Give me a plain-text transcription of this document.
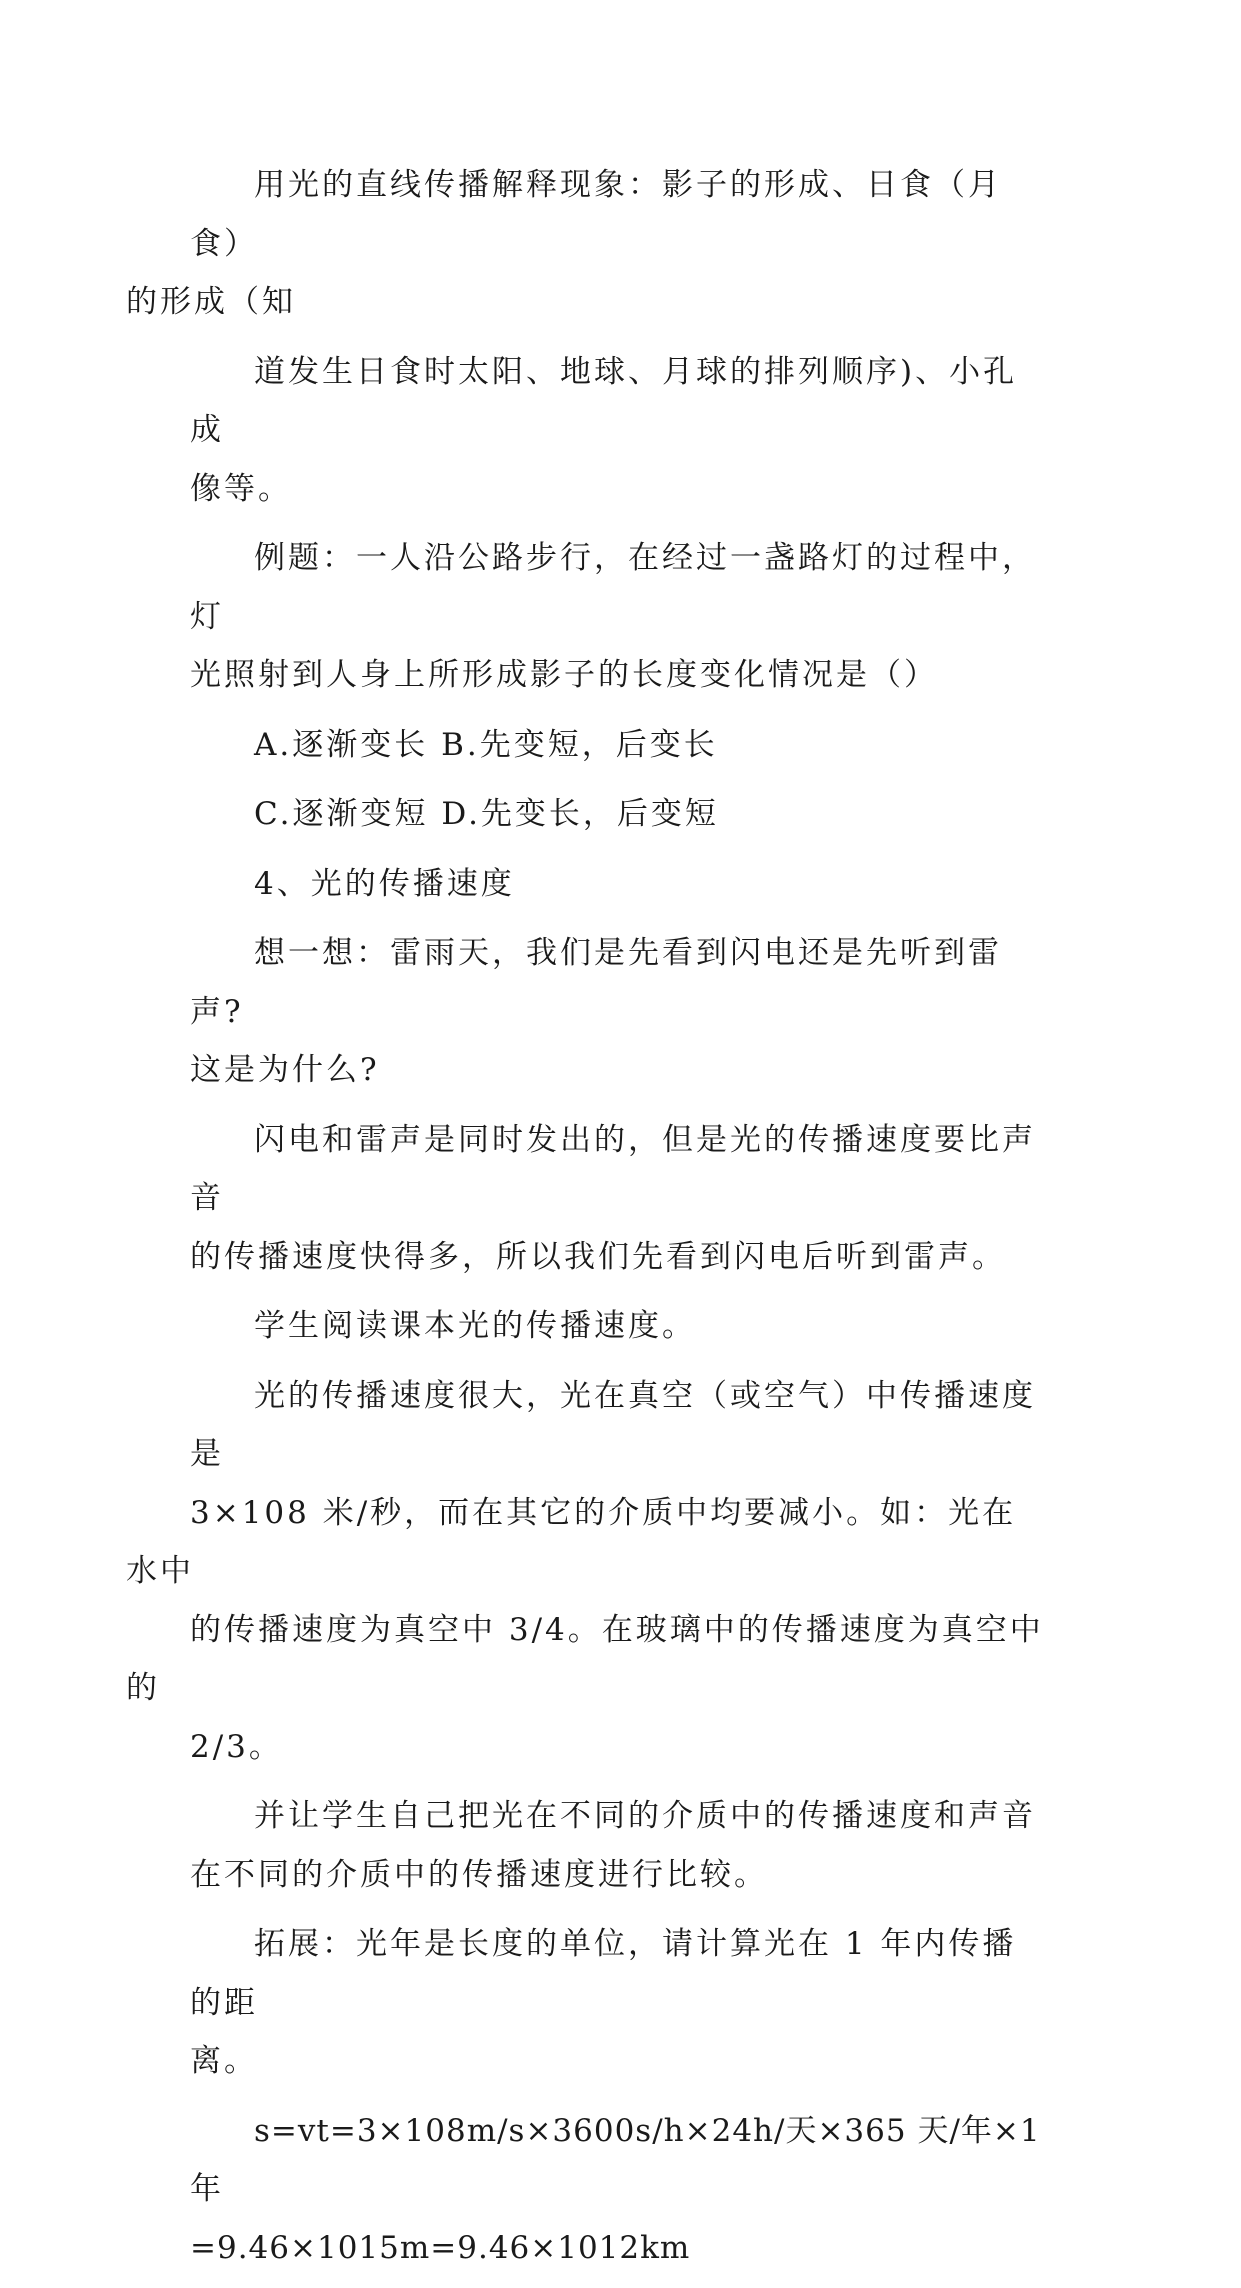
用光的直线传播解释现象：影子的形成、日食（月食）
的形成（知

道发生日食时太阳、地球、月球的排列顺序)、小孔成
像等。

例题：一人沿公路步行，在经过一盏路灯的过程中，灯
光照射到人身上所形成影子的长度变化情况是（）

A.逐渐变长 B.先变短，后变长

C.逐渐变短 D.先变长，后变短

4、光的传播速度

想一想：雷雨天，我们是先看到闪电还是先听到雷声?
这是为什么?

闪电和雷声是同时发出的，但是光的传播速度要比声音
的传播速度快得多，所以我们先看到闪电后听到雷声。

学生阅读课本光的传播速度。

光的传播速度很大，光在真空（或空气）中传播速度是
3×108 米/秒，而在其它的介质中均要减小。如：光在水中
的传播速度为真空中 3/4。在玻璃中的传播速度为真空中的
2/3。

并让学生自己把光在不同的介质中的传播速度和声音
在不同的介质中的传播速度进行比较。

拓展：光年是长度的单位，请计算光在 1 年内传播的距
离。

s=vt=3×108m/s×3600s/h×24h/天×365 天/年×1 年
=9.46×1015m=9.46×1012km
